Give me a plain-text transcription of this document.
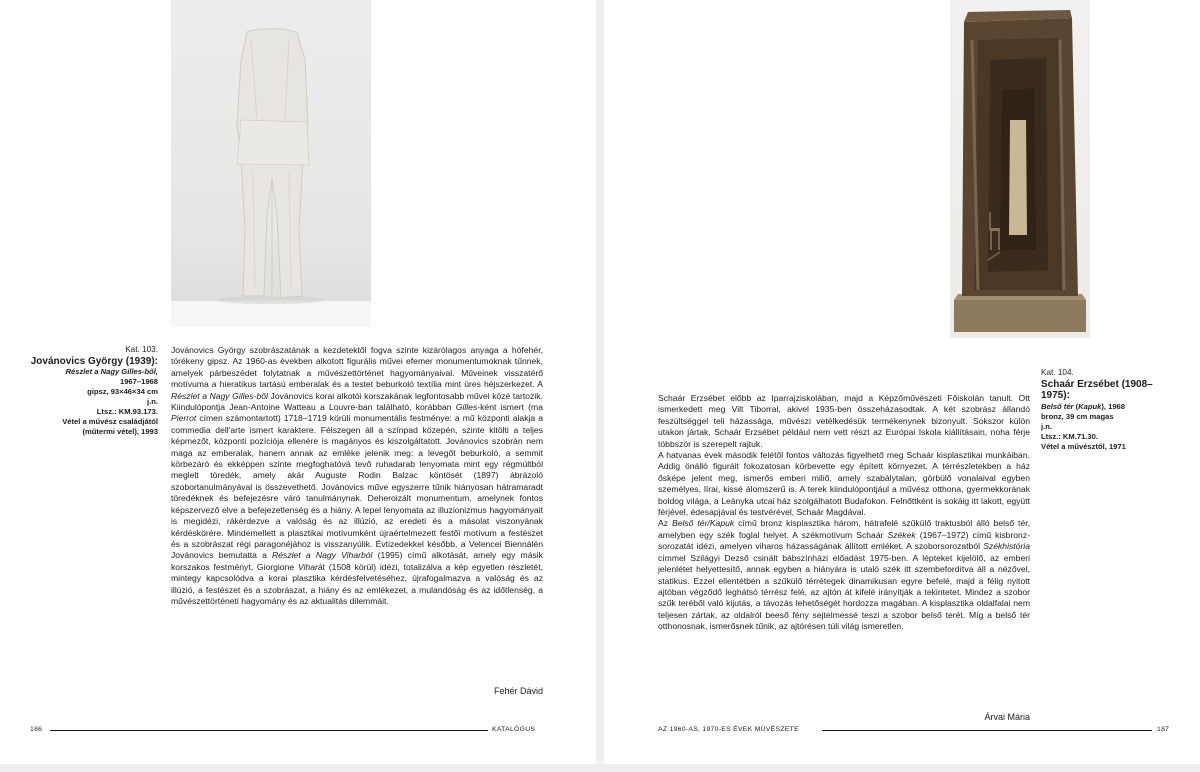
Kat. 103.
Jovánovics György (1939):
Részlet a Nagy Gilles-ből,
1967–1968
gipsz, 93×46×34 cm
j.n.
Ltsz.: KM.93.173.
Vétel a művész családjától (műtermi vétel), 1993

Jovánovics György szobrászatának a kezdetektől fogva szinte kizárólagos anyaga a hófehér, törékeny gipsz. Az 1960-as években alkotott figurális művei efemer monumentumoknak tűnnek, amelyek párbeszédet folytatnak a művészettörténet hagyományaival. Műveinek visszatérő motívuma a hieratikus tartású emberalak és a testet beburkoló textília mint üres héjszerkezet. A Részlet a Nagy Gilles-ből Jovánovics korai alkotói korszakának legfontosabb művei közé tartozik. Kiindulópontja Jean-Antoine Watteau a Louvre-ban található, korábban Gilles-ként ismert (ma Pierrot címen számontartott) 1718–1719 körüli monumentális festménye: a mű központi alakja a commedia dell'arte ismert karaktere. Félszegen áll a színpad közepén, szinte kitölti a teljes képmezőt, központi pozíciója ellenére is magányos és kiszolgáltatott. Jovánovics szobrán nem maga az emberalak, hanem annak az emléke jelenik meg: a levegőt beburkoló, a semmit körbezáró és ekképpen szinte megfoghatóvá tevő ruhadarab lenyomata mint egy régmúltból meglelt töredék, amely akár Auguste Rodin Balzac köntösét (1897) ábrázoló szobortanulmányával is összevethető. Jovánovics műve egyszerre tűnik hiányosan hátramaradt töredéknek és befejezésre váró tanulmánynak. Deheroizált monumentum, amelynek fontos képszervező elve a befejezetlenség és a hiány. A lepel lenyomata az illuzionizmus hagyományait is megidézi, rákérdezve a valóság és az illúzió, az eredeti és a másolat viszonyának kérdéskörére. Mindemellett a plasztikai motívumként újraértelmezett festői motívum a festészet és a szobrászat régi paragonéjához is visszanyúlik. Évtizedekkel később, a Velencei Biennálén Jovánovics bemutatta a Részlet a Nagy Viharból (1995) című alkotását, amely egy másik korszakos festményt, Giorgione Viharát (1508 körül) idézi, totalizálva a kép egyetlen részletét, mintegy kapcsolódva a korai plasztika kérdésfelvetéséhez, újrafogalmazva a valóság és az illúzió, a festészet és a szobrászat, a hiány és az emlékezet, a mulandóság és az időtlenség, a művészettörténeti hagyomány és az aktualitás dilemmáit.

Fehér Dávid
186	KATALÓGUS

Schaár Erzsébet előbb az Iparrajziskolában, majd a Képzőművészeti Főiskolán tanult. Ott ismerkedett meg Vilt Tiborral, akivel 1935-ben összeházasodtak. A két szobrász állandó feszültséggel teli házassága, művészi vetélkedésük termékenynek bizonyult. Sokszor külön utakon jártak, Schaár Erzsébet például nem vett részt az Európai Iskola kiállításain, noha férje többször is szerepelt rajtuk.

A hatvanas évek második felétől fontos változás figyelhető meg Schaár kisplasztikai munkáiban. Addig önálló figuráit fokozatosan körbevette egy épített környezet. A térrészletekben a ház ősképe jelent meg, ismerős emberi miliő, amely szabálytalan, görbülő vonalaival egyben személyes, lírai, kissé álomszerű is. A terek kiindulópontjául a művész otthona, gyermekkorának boldog világa, a Leányka utcai ház szolgálhatott Budafokon. Felnőttként is sokáig itt lakott, együtt férjével, édesapjával és testvérével, Schaár Magdával.

Az Belső tér/Kapuk című bronz kisplasztika három, hátrafelé szűkülő traktusból álló belső tér, amelyben egy szék foglal helyet. A székmotívum Schaár Székek (1967–1972) című kisbronz-sorozatát idézi, amelyen viharos házasságának állított emléket. A szoborsorozatból Székhistória címmel Szilágyi Dezső csinált bábszínházi előadást 1975-ben. A lépteket kijelölő, az emberi jelenlétet helyettesítő, annak egyben a hiányára is utaló szék itt szembefordítva áll a nézővel, statikus. Ezzel ellentétben a szűkülő térrétegek dinamikusan egyre befelé, majd a félig nyitott ajtóban végződő leghátsó térrész felé, az ajtón át kifelé irányítják a tekintetet. Mindez a szobor szűk teréből való kijutás, a távozás lehetőségét hordozza magában. A kisplasztika oldalfalai nem teljesen zártak, az oldalról beeső fény sejtelmessé teszi a szobor belső terét. Míg a belső tér otthonosnak, ismerősnek tűnik, az ajtórésen túli világ ismeretlen.

Árvai Mária
Kat. 104.
Schaár Erzsébet (1908–1975):
Belső tér (Kapuk), 1968
bronz, 39 cm magas
j.n.
Ltsz.: KM.71.30.
Vétel a művésztől, 1971
AZ 1960-AS, 1970-ES ÉVEK MŰVÉSZETE	187
